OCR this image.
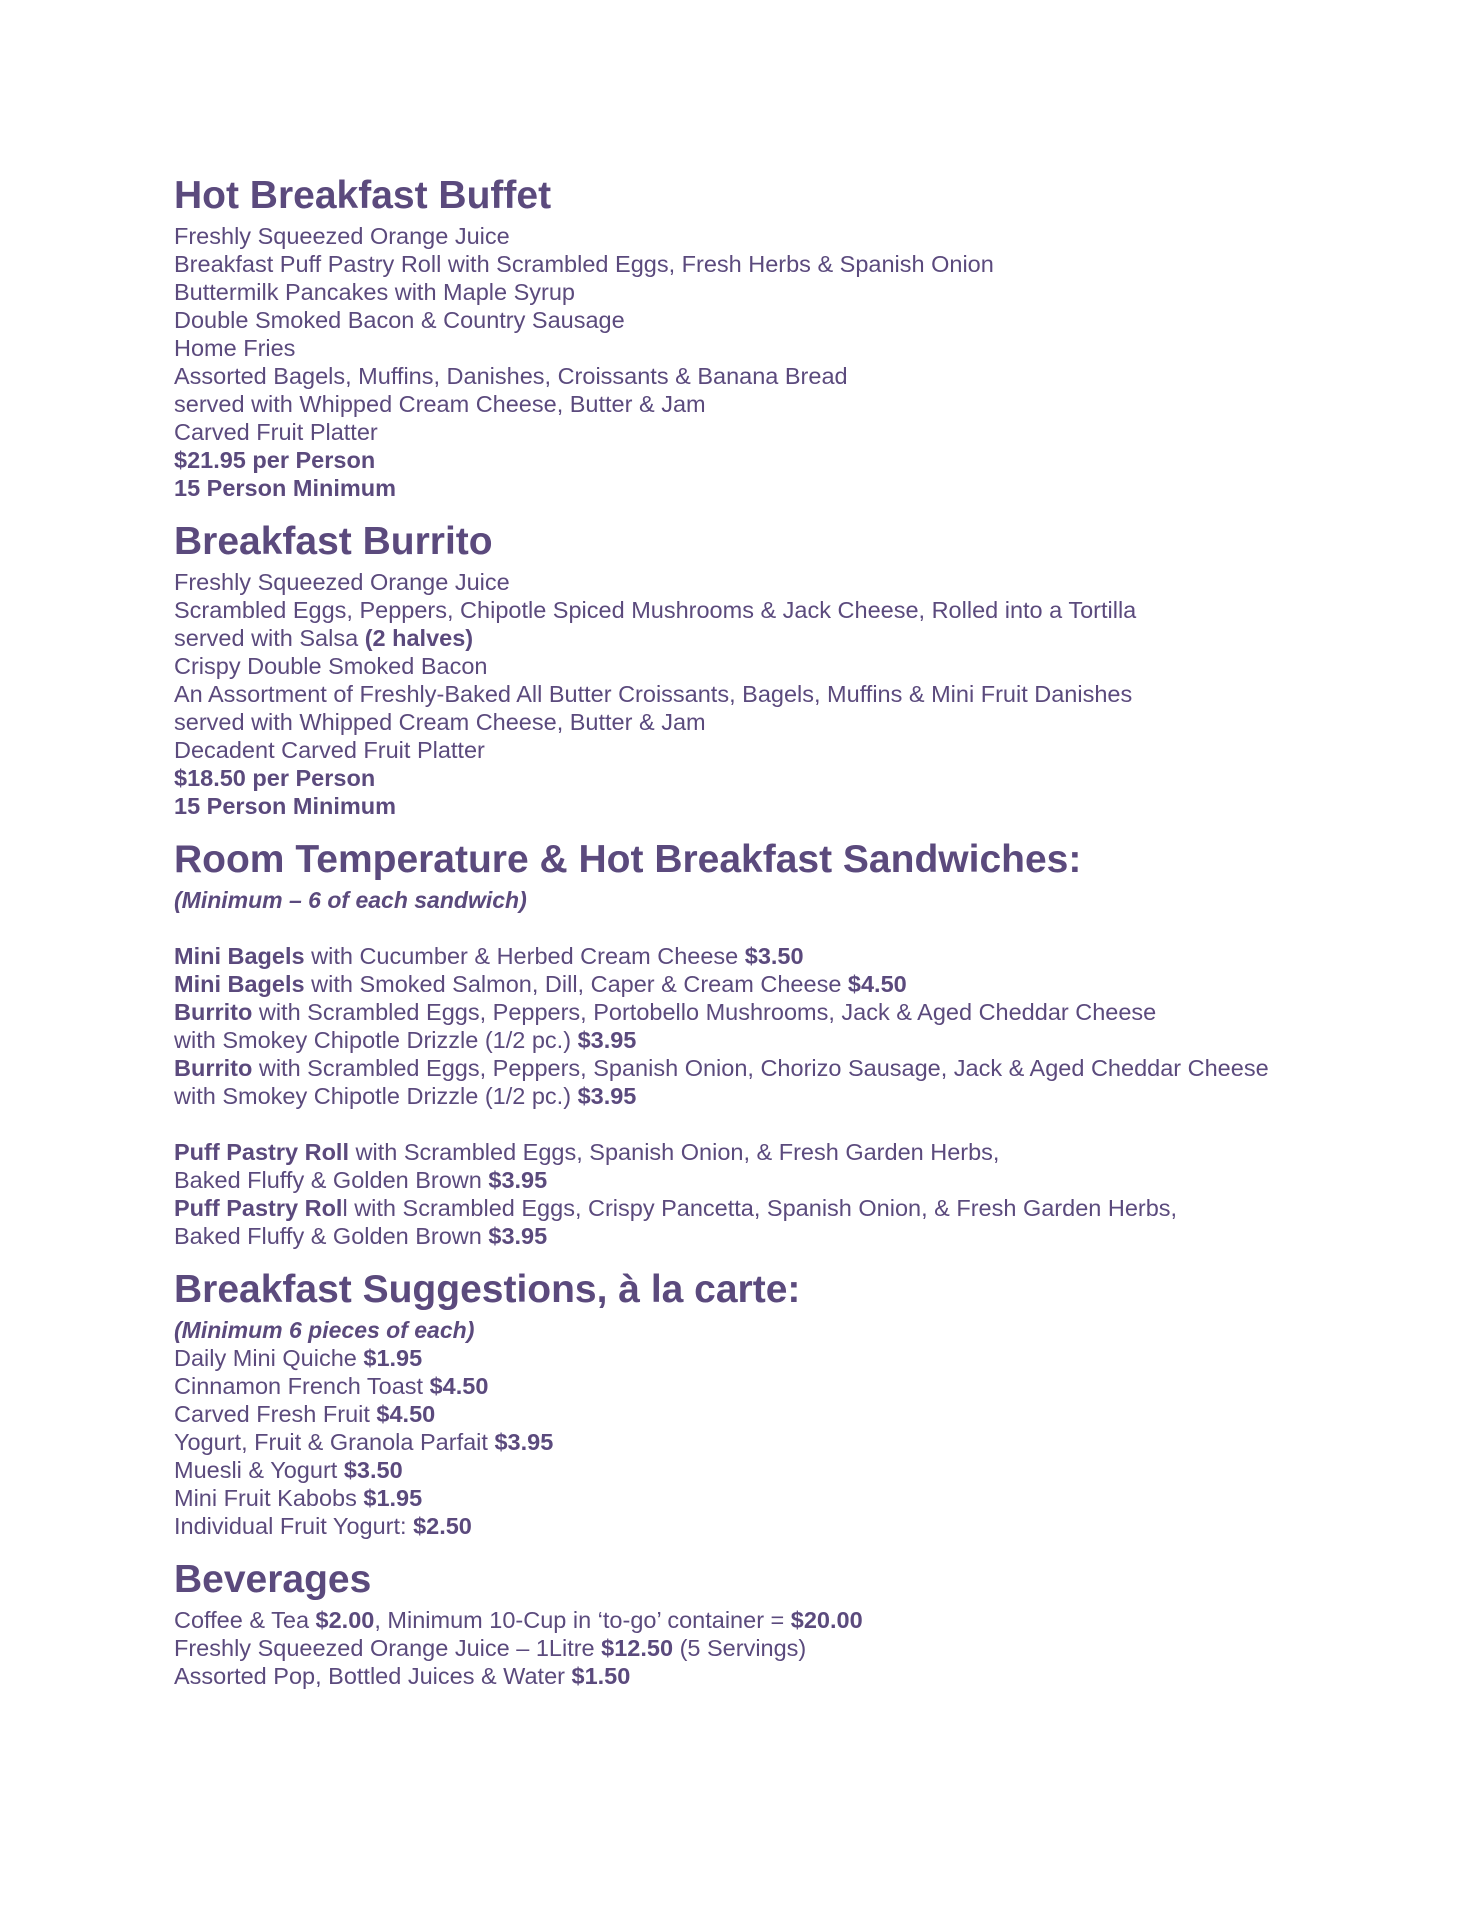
Hot Breakfast Buffet

Freshly Squeezed Orange Juice

Breakfast Puff Pastry Roll with Scrambled Eggs, Fresh Herbs & Spanish Onion

Buttermilk Pancakes with Maple Syrup

Double Smoked Bacon & Country Sausage

Home Fries

Assorted Bagels, Muffins, Danishes, Croissants & Banana Bread

served with Whipped Cream Cheese, Butter & Jam

Carved Fruit Platter

$21.95 per Person

15 Person Minimum

Breakfast Burrito

Freshly Squeezed Orange Juice

Scrambled Eggs, Peppers, Chipotle Spiced Mushrooms & Jack Cheese, Rolled into a Tortilla

served with Salsa (2 halves)

Crispy Double Smoked Bacon

An Assortment of Freshly-Baked All Butter Croissants, Bagels, Muffins & Mini Fruit Danishes

served with Whipped Cream Cheese, Butter & Jam

Decadent Carved Fruit Platter

$18.50 per Person

15 Person Minimum

Room Temperature & Hot Breakfast Sandwiches:

(Minimum – 6 of each sandwich)

Mini Bagels with Cucumber & Herbed Cream Cheese $3.50

Mini Bagels with Smoked Salmon, Dill, Caper & Cream Cheese $4.50

Burrito with Scrambled Eggs, Peppers, Portobello Mushrooms, Jack & Aged Cheddar Cheese

with Smokey Chipotle Drizzle (1/2 pc.) $3.95

Burrito with Scrambled Eggs, Peppers, Spanish Onion, Chorizo Sausage, Jack & Aged Cheddar Cheese

with Smokey Chipotle Drizzle (1/2 pc.) $3.95

Puff Pastry Roll with Scrambled Eggs, Spanish Onion, & Fresh Garden Herbs,

Baked Fluffy & Golden Brown $3.95

Puff Pastry Roll with Scrambled Eggs, Crispy Pancetta, Spanish Onion, & Fresh Garden Herbs,

Baked Fluffy & Golden Brown $3.95

Breakfast Suggestions, à la carte:

(Minimum 6 pieces of each)

Daily Mini Quiche $1.95

Cinnamon French Toast $4.50

Carved Fresh Fruit $4.50

Yogurt, Fruit & Granola Parfait $3.95

Muesli & Yogurt $3.50

Mini Fruit Kabobs $1.95

Individual Fruit Yogurt: $2.50

Beverages

Coffee & Tea $2.00, Minimum 10-Cup in ‘to-go’ container = $20.00

Freshly Squeezed Orange Juice – 1Litre $12.50 (5 Servings)

Assorted Pop, Bottled Juices & Water $1.50
